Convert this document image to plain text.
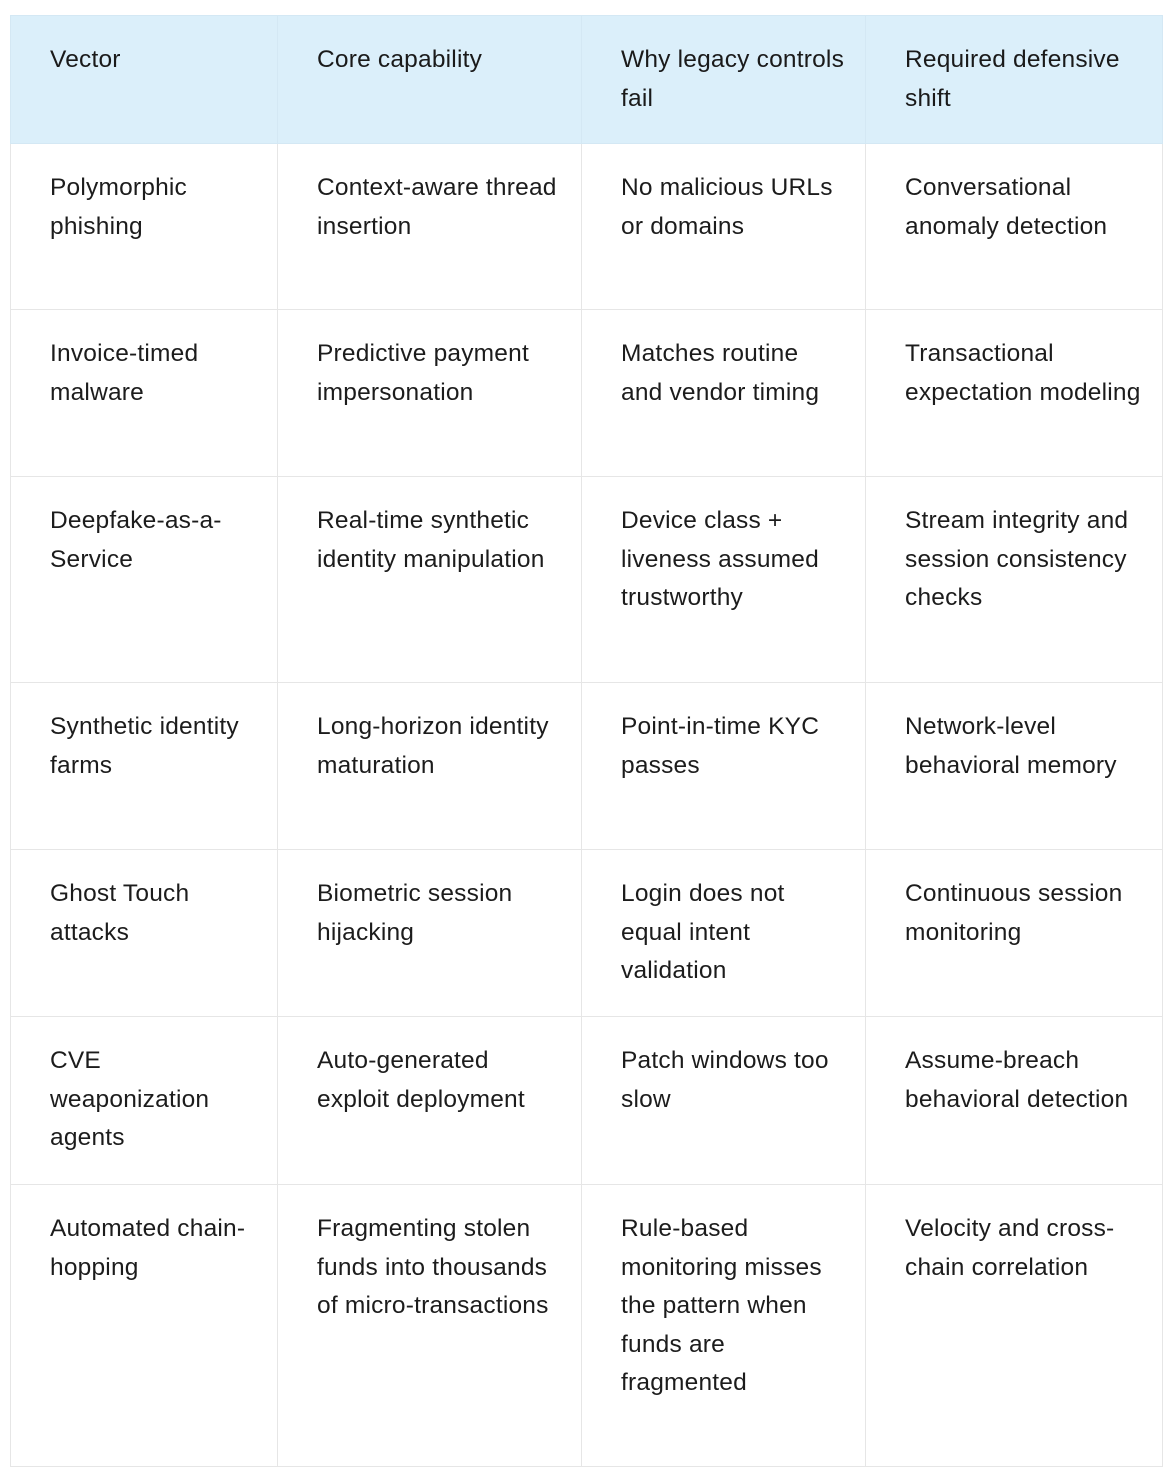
Vector	Core capability	Why legacy controls fail	Required defensive shift
Polymorphic phishing	Context-aware thread insertion	No malicious URLs or domains	Conversational anomaly detection
Invoice-timed malware	Predictive payment impersonation	Matches routine and vendor timing	Transactional expectation modeling
Deepfake-as-a-Service	Real-time synthetic identity manipulation	Device class + liveness assumed trustworthy	Stream integrity and session consistency checks
Synthetic identity farms	Long-horizon identity maturation	Point-in-time KYC passes	Network-level behavioral memory
Ghost Touch attacks	Biometric session hijacking	Login does not equal intent validation	Continuous session monitoring
CVE weaponization agents	Auto-generated exploit deployment	Patch windows too slow	Assume-breach behavioral detection
Automated chain-hopping	Fragmenting stolen funds into thousands of micro-transactions	Rule-based monitoring misses the pattern when funds are fragmented	Velocity and cross-chain correlation
